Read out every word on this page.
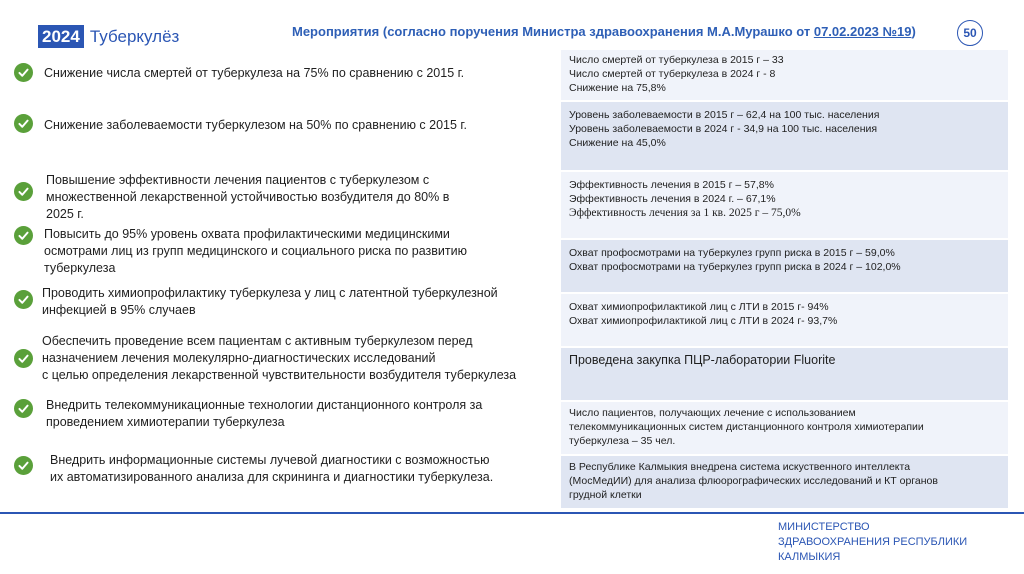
2024 Туберкулёз	Мероприятия (согласно поручения Министра здравоохранения М.А.Мурашко от 07.02.2023 №19)	50
Снижение числа смертей от туберкулеза на 75% по сравнению с 2015 г.
Снижение заболеваемости туберкулезом на 50% по сравнению с 2015 г.
Повышение эффективности лечения пациентов с туберкулезом с
множественной лекарственной устойчивостью возбудителя до 80% в
2025 г.
Повысить до 95% уровень охвата профилактическими медицинскими
осмотрами лиц из групп медицинского и социального риска по развитию
туберкулеза
Проводить химиопрофилактику туберкулеза у лиц с латентной туберкулезной
инфекцией в 95% случаев
Обеспечить проведение всем пациентам с активным туберкулезом перед
назначением лечения молекулярно-диагностических исследований
с целью определения лекарственной чувствительности возбудителя туберкулеза
Внедрить телекоммуникационные технологии дистанционного контроля за
проведением химиотерапии туберкулеза
Внедрить информационные системы лучевой диагностики с возможностью
их автоматизированного анализа для скрининга и диагностики туберкулеза.
Число смертей от туберкулеза в 2015 г – 33
Число смертей от туберкулеза в 2024 г - 8
Снижение на 75,8%
Уровень заболеваемости в 2015 г – 62,4 на 100 тыс. населения
Уровень заболеваемости в 2024 г - 34,9 на 100 тыс. населения
Снижение на 45,0%
Эффективность лечения в 2015 г – 57,8%
Эффективность лечения в 2024 г. – 67,1%
Эффективность лечения за 1 кв. 2025 г – 75,0%
Охват профосмотрами на туберкулез групп риска в 2015 г – 59,0%
Охват профосмотрами на туберкулез групп риска в 2024 г – 102,0%
Охват химиопрофилактикой лиц с ЛТИ в 2015 г- 94%
Охват химиопрофилактикой лиц с ЛТИ в 2024 г- 93,7%
Проведена закупка ПЦР-лаборатории Fluorite
Число пациентов, получающих лечение с использованием
телекоммуникационных систем дистанционного контроля химиотерапии
туберкулеза – 35 чел.
В Республике Калмыкия внедрена система искуственного интеллекта
(МосМедИИ) для анализа флюорографических исследований и КТ органов
грудной клетки
МИНИСТЕРСТВО
ЗДРАВООХРАНЕНИЯ РЕСПУБЛИКИ
КАЛМЫКИЯ
